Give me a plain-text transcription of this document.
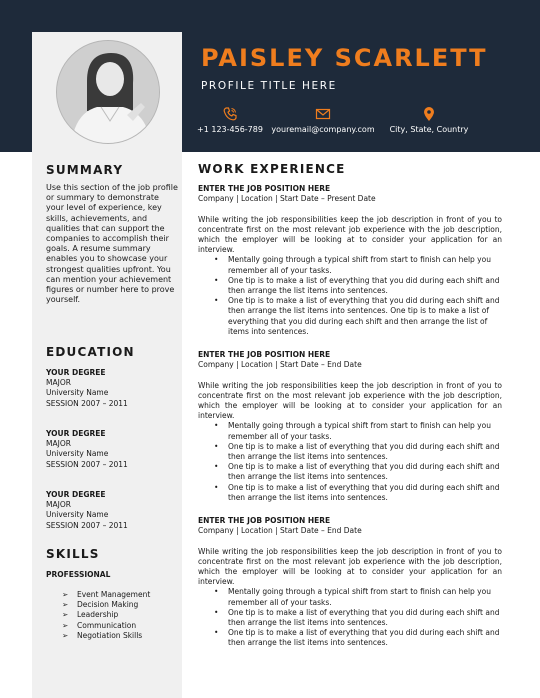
PAISLEY SCARLETT
PROFILE TITLE HERE
+1 123-456-789	youremail@company.com	City, State, Country
SUMMARY
Use this section of the job profile or summary to demonstrate your level of experience, key skills, achievements, and qualities that can support the companies to accomplish their goals. A resume summary enables you to showcase your strongest qualities upfront. You can mention your achievement figures or number here to prove yourself.
EDUCATION
YOUR DEGREE
MAJOR
University Name
SESSION 2007 – 2011
YOUR DEGREE
MAJOR
University Name
SESSION 2007 – 2011
YOUR DEGREE
MAJOR
University Name
SESSION 2007 – 2011
SKILLS
PROFESSIONAL
➢ Event Management
➢ Decision Making
➢ Leadership
➢ Communication
➢ Negotiation Skills
WORK EXPERIENCE
ENTER THE JOB POSITION HERE
Company | Location | Start Date – Present Date
While writing the job responsibilities keep the job description in front of you to concentrate first on the most relevant job experience with the job description, which the employer will be looking at to consider your application for an interview.
• Mentally going through a typical shift from start to finish can help you remember all of your tasks.
• One tip is to make a list of everything that you did during each shift and then arrange the list items into sentences.
• One tip is to make a list of everything that you did during each shift and then arrange the list items into sentences. One tip is to make a list of everything that you did during each shift and then arrange the list of items into sentences.
ENTER THE JOB POSITION HERE
Company | Location | Start Date – End Date
While writing the job responsibilities keep the job description in front of you to concentrate first on the most relevant job experience with the job description, which the employer will be looking at to consider your application for an interview.
• Mentally going through a typical shift from start to finish can help you remember all of your tasks.
• One tip is to make a list of everything that you did during each shift and then arrange the list items into sentences.
• One tip is to make a list of everything that you did during each shift and then arrange the list items into sentences.
• One tip is to make a list of everything that you did during each shift and then arrange the list items into sentences.
ENTER THE JOB POSITION HERE
Company | Location | Start Date – End Date
While writing the job responsibilities keep the job description in front of you to concentrate first on the most relevant job experience with the job description, which the employer will be looking at to consider your application for an interview.
• Mentally going through a typical shift from start to finish can help you remember all of your tasks.
• One tip is to make a list of everything that you did during each shift and then arrange the list items into sentences.
• One tip is to make a list of everything that you did during each shift and then arrange the list items into sentences.
